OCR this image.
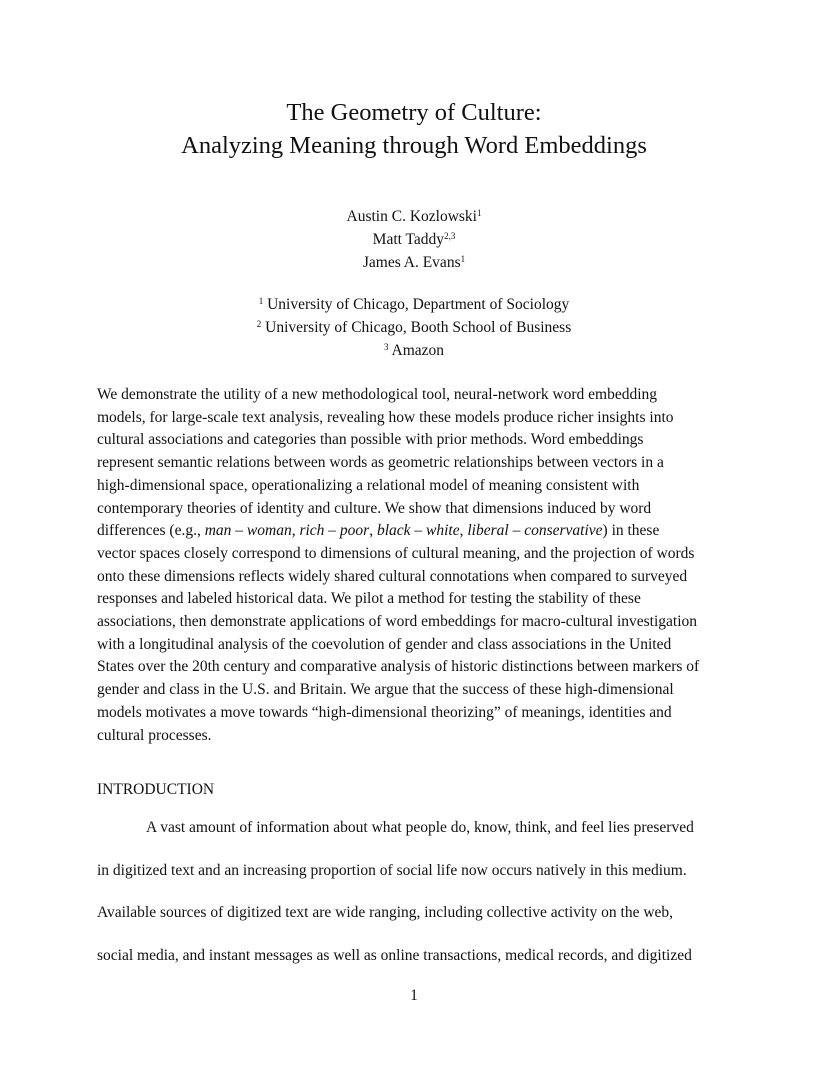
The Geometry of Culture:
Analyzing Meaning through Word Embeddings
Austin C. Kozlowski$^1$
Matt Taddy$^{2,3}$
James A. Evans$^1$
$^1$ University of Chicago, Department of Sociology
$^2$ University of Chicago, Booth School of Business
$^3$ Amazon
We demonstrate the utility of a new methodological tool, neural-network word embedding
models, for large-scale text analysis, revealing how these models produce richer insights into
cultural associations and categories than possible with prior methods. Word embeddings
represent semantic relations between words as geometric relationships between vectors in a
high-dimensional space, operationalizing a relational model of meaning consistent with
contemporary theories of identity and culture. We show that dimensions induced by word
differences (e.g., man – woman, rich – poor, black – white, liberal – conservative) in these
vector spaces closely correspond to dimensions of cultural meaning, and the projection of words
onto these dimensions reflects widely shared cultural connotations when compared to surveyed
responses and labeled historical data. We pilot a method for testing the stability of these
associations, then demonstrate applications of word embeddings for macro-cultural investigation
with a longitudinal analysis of the coevolution of gender and class associations in the United
States over the 20th century and comparative analysis of historic distinctions between markers of
gender and class in the U.S. and Britain. We argue that the success of these high-dimensional
models motivates a move towards “high-dimensional theorizing” of meanings, identities and
cultural processes.
INTRODUCTION
A vast amount of information about what people do, know, think, and feel lies preserved
in digitized text and an increasing proportion of social life now occurs natively in this medium.
Available sources of digitized text are wide ranging, including collective activity on the web,
social media, and instant messages as well as online transactions, medical records, and digitized
1
